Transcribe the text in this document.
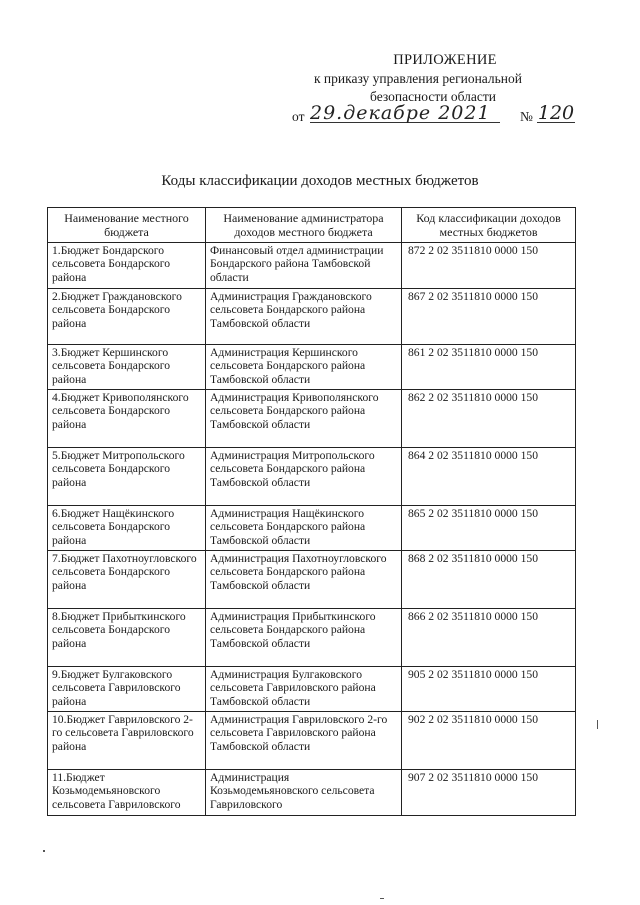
ПРИЛОЖЕНИЕ
к приказу управления региональной
безопасности области
от 29.декабре 2021	№ 120
Коды классификации доходов местных бюджетов
Наименование местного бюджета	Наименование администратора доходов местного бюджета	Код классификации доходов местных бюджетов
1.Бюджет Бондарского сельсовета Бондарского района	Финансовый отдел администрации Бондарского района Тамбовской области	872 2 02 3511810 0000 150
2.Бюджет Граждановского сельсовета Бондарского района	Администрация Граждановского сельсовета Бондарского района Тамбовской области	867 2 02 3511810 0000 150
3.Бюджет Кершинского сельсовета Бондарского района	Администрация Кершинского сельсовета Бондарского района Тамбовской области	861 2 02 3511810 0000 150
4.Бюджет Кривополянского сельсовета Бондарского района	Администрация Кривополянского сельсовета Бондарского района Тамбовской области	862 2 02 3511810 0000 150
5.Бюджет Митропольского сельсовета Бондарского района	Администрация Митропольского сельсовета Бондарского района Тамбовской области	864 2 02 3511810 0000 150
6.Бюджет Нащёкинского сельсовета Бондарского района	Администрация Нащёкинского сельсовета Бондарского района Тамбовской области	865 2 02 3511810 0000 150
7.Бюджет Пахотноугловского сельсовета Бондарского района	Администрация Пахотноугловского сельсовета Бондарского района Тамбовской области	868 2 02 3511810 0000 150
8.Бюджет Прибыткинского сельсовета Бондарского района	Администрация Прибыткинского сельсовета Бондарского района Тамбовской области	866 2 02 3511810 0000 150
9.Бюджет Булгаковского сельсовета Гавриловского района	Администрация Булгаковского сельсовета Гавриловского района Тамбовской области	905 2 02 3511810 0000 150
10.Бюджет Гавриловского 2-го сельсовета Гавриловского района	Администрация Гавриловского 2-го сельсовета Гавриловского района Тамбовской области	902 2 02 3511810 0000 150
11.Бюджет Козьмодемьяновского сельсовета Гавриловского	Администрация Козьмодемьяновского сельсовета Гавриловского	907 2 02 3511810 0000 150
